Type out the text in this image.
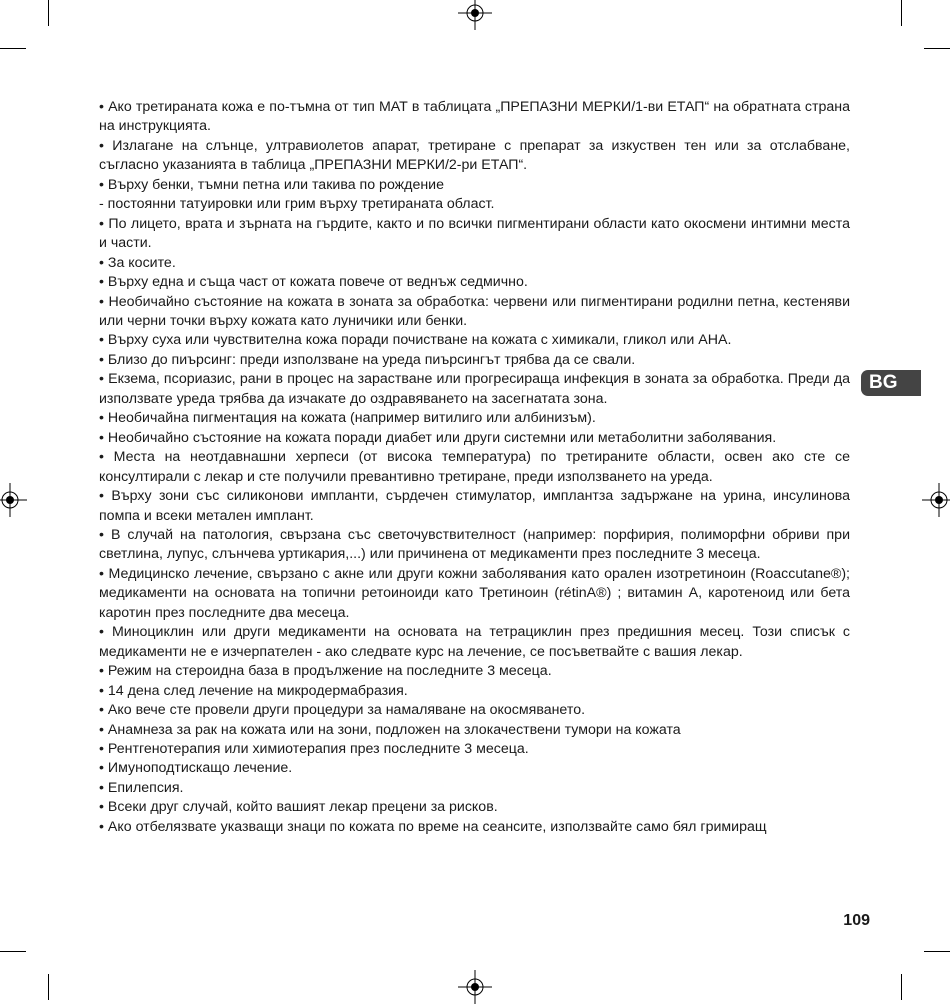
• Ако третираната кожа е по-тъмна от тип МАТ в таблицата „ПРЕПАЗНИ МЕРКИ/1-ви ЕТАП“ на обратната страна на инструкцията.

• Излагане на слънце, ултравиолетов апарат, третиране с препарат за изкуствен тен или за отслабване, съгласно указанията в таблица „ПРЕПАЗНИ МЕРКИ/2-ри ЕТАП“.

• Върху бенки, тъмни петна или такива по рождение

- постоянни татуировки или грим върху третираната област.

• По лицето, врата и зърната на гърдите, както и по всички пигментирани области като окосмени интимни места и части.

• За косите.

• Върху една и съща част от кожата повече от веднъж седмично.

• Необичайно състояние на кожата в зоната за обработка: червени или пигментирани родилни петна, кестеняви или черни точки върху кожата като луничики или бенки.

• Върху суха или чувствителна кожа поради почистване на кожата с химикали, гликол или AHA.

• Близо до пиърсинг: преди използване на уреда пиърсингът трябва да се свали.

• Екзема, псориазис, рани в процес на зарастване или прогресираща инфекция в зоната за обработка. Преди да използвате уреда трябва да изчакате до оздравяването на засегнатата зона.

• Необичайна пигментация на кожата (например витилиго или албинизъм).

• Необичайно състояние на кожата поради диабет или други системни или метаболитни заболявания.

• Места на неотдавнашни херпеси (от висока температура) по третираните области, освен ако сте се консултирали с лекар и сте получили превантивно третиране, преди използването на уреда.

• Върху зони със силиконови импланти, сърдечен стимулатор, имплантза задържане на урина, инсулинова помпа и всеки метален имплант.

• В случай на патология, свързана със светочувствителност (например: порфирия, полиморфни обриви при светлина, лупус, слънчева уртикария,...) или причинена от медикаменти през последните 3 месеца.

• Медицинско лечение, свързано с акне или други кожни заболявания като орален изотретиноин (Roaccutane®); медикаменти на основата на топични ретоиноиди като Третиноин (rétinA®) ; витамин A, каротеноид или бета каротин през последните два месеца.

• Миноциклин или други медикаменти на основата на тетрациклин през предишния месец. Този списък с медикаменти не е изчерпателен - ако следвате курс на лечение, се посъветвайте с вашия лекар.

• Режим на стероидна база в продължение на последните 3 месеца.

• 14 дена след лечение на микродермабразия.

• Ако вече сте провели други процедури за намаляване на окосмяването.

• Анамнеза за рак на кожата или на зони, подложен на злокачествени тумори на кожата

• Рентгенотерапия или химиотерапия през последните 3 месеца.

• Имуноподтискащо лечение.

• Епилепсия.

• Всеки друг случай, който вашият лекар прецени за рисков.

• Ако отбелязвате указващи знаци по кожата по време на сеансите, използвайте само бял гримиращ

BG
109
